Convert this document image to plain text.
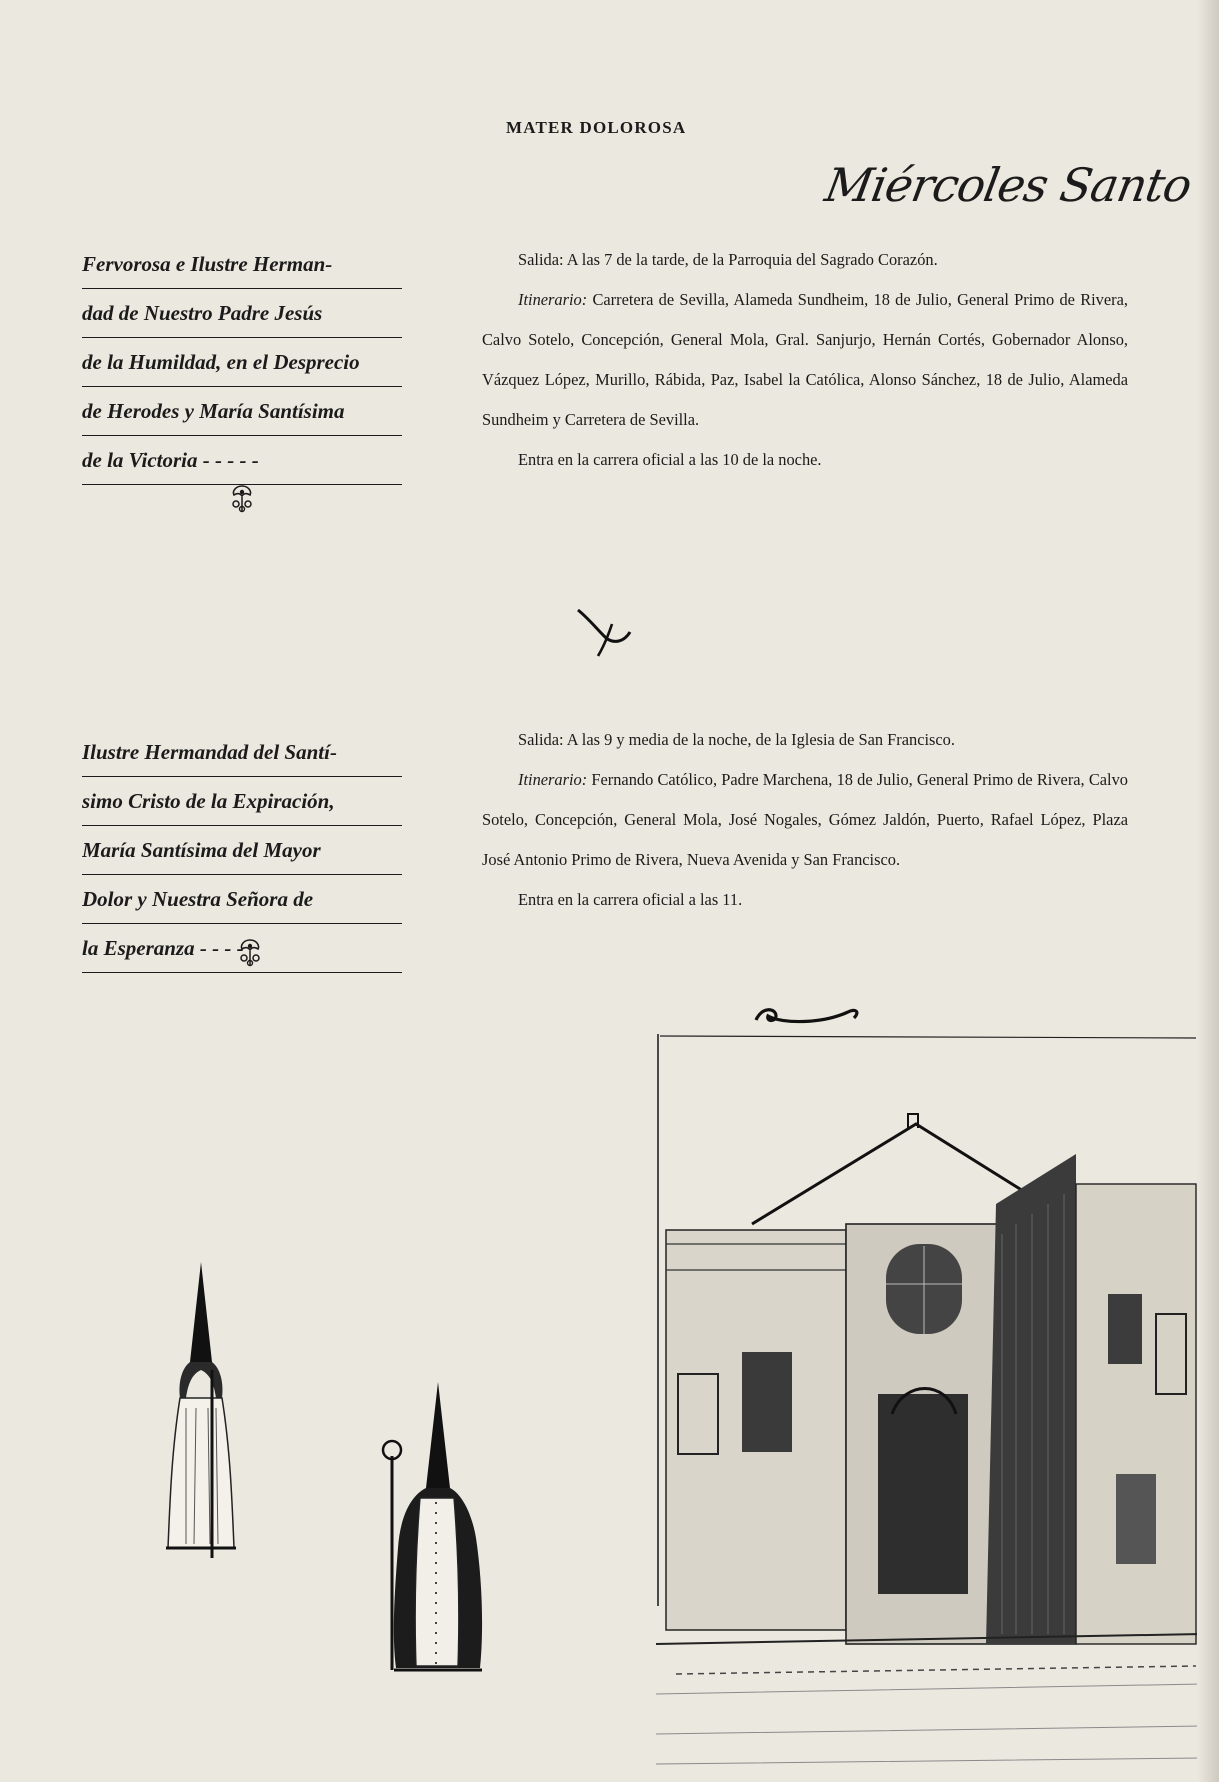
MATER DOLOROSA
Miércoles Santo
Fervorosa e Ilustre Herman-
dad de Nuestro Padre Jesús
de la Humildad, en el Desprecio
de Herodes y María Santísima
de la Victoria - - - - -

Salida: A las 7 de la tarde, de la Parroquia del Sagrado Corazón.

Itinerario: Carretera de Sevilla, Alameda Sundheim, 18 de Julio, General Primo de Rivera, Calvo Sotelo, Concepción, General Mola, Gral. Sanjurjo, Hernán Cortés, Gobernador Alonso, Vázquez López, Murillo, Rábida, Paz, Isabel la Católica, Alonso Sánchez, 18 de Julio, Alameda Sundheim y Carretera de Sevilla.

Entra en la carrera oficial a las 10 de la noche.

Ilustre Hermandad del Santí-
simo Cristo de la Expiración,
María Santísima del Mayor
Dolor y Nuestra Señora de
la Esperanza - - - -

Salida: A las 9 y media de la noche, de la Iglesia de San Francisco.

Itinerario: Fernando Católico, Padre Marchena, 18 de Julio, General Primo de Rivera, Calvo Sotelo, Concepción, General Mola, José Nogales, Gómez Jaldón, Puerto, Rafael López, Plaza José Antonio Primo de Rivera, Nueva Avenida y San Francisco.

Entra en la carrera oficial a las 11.
